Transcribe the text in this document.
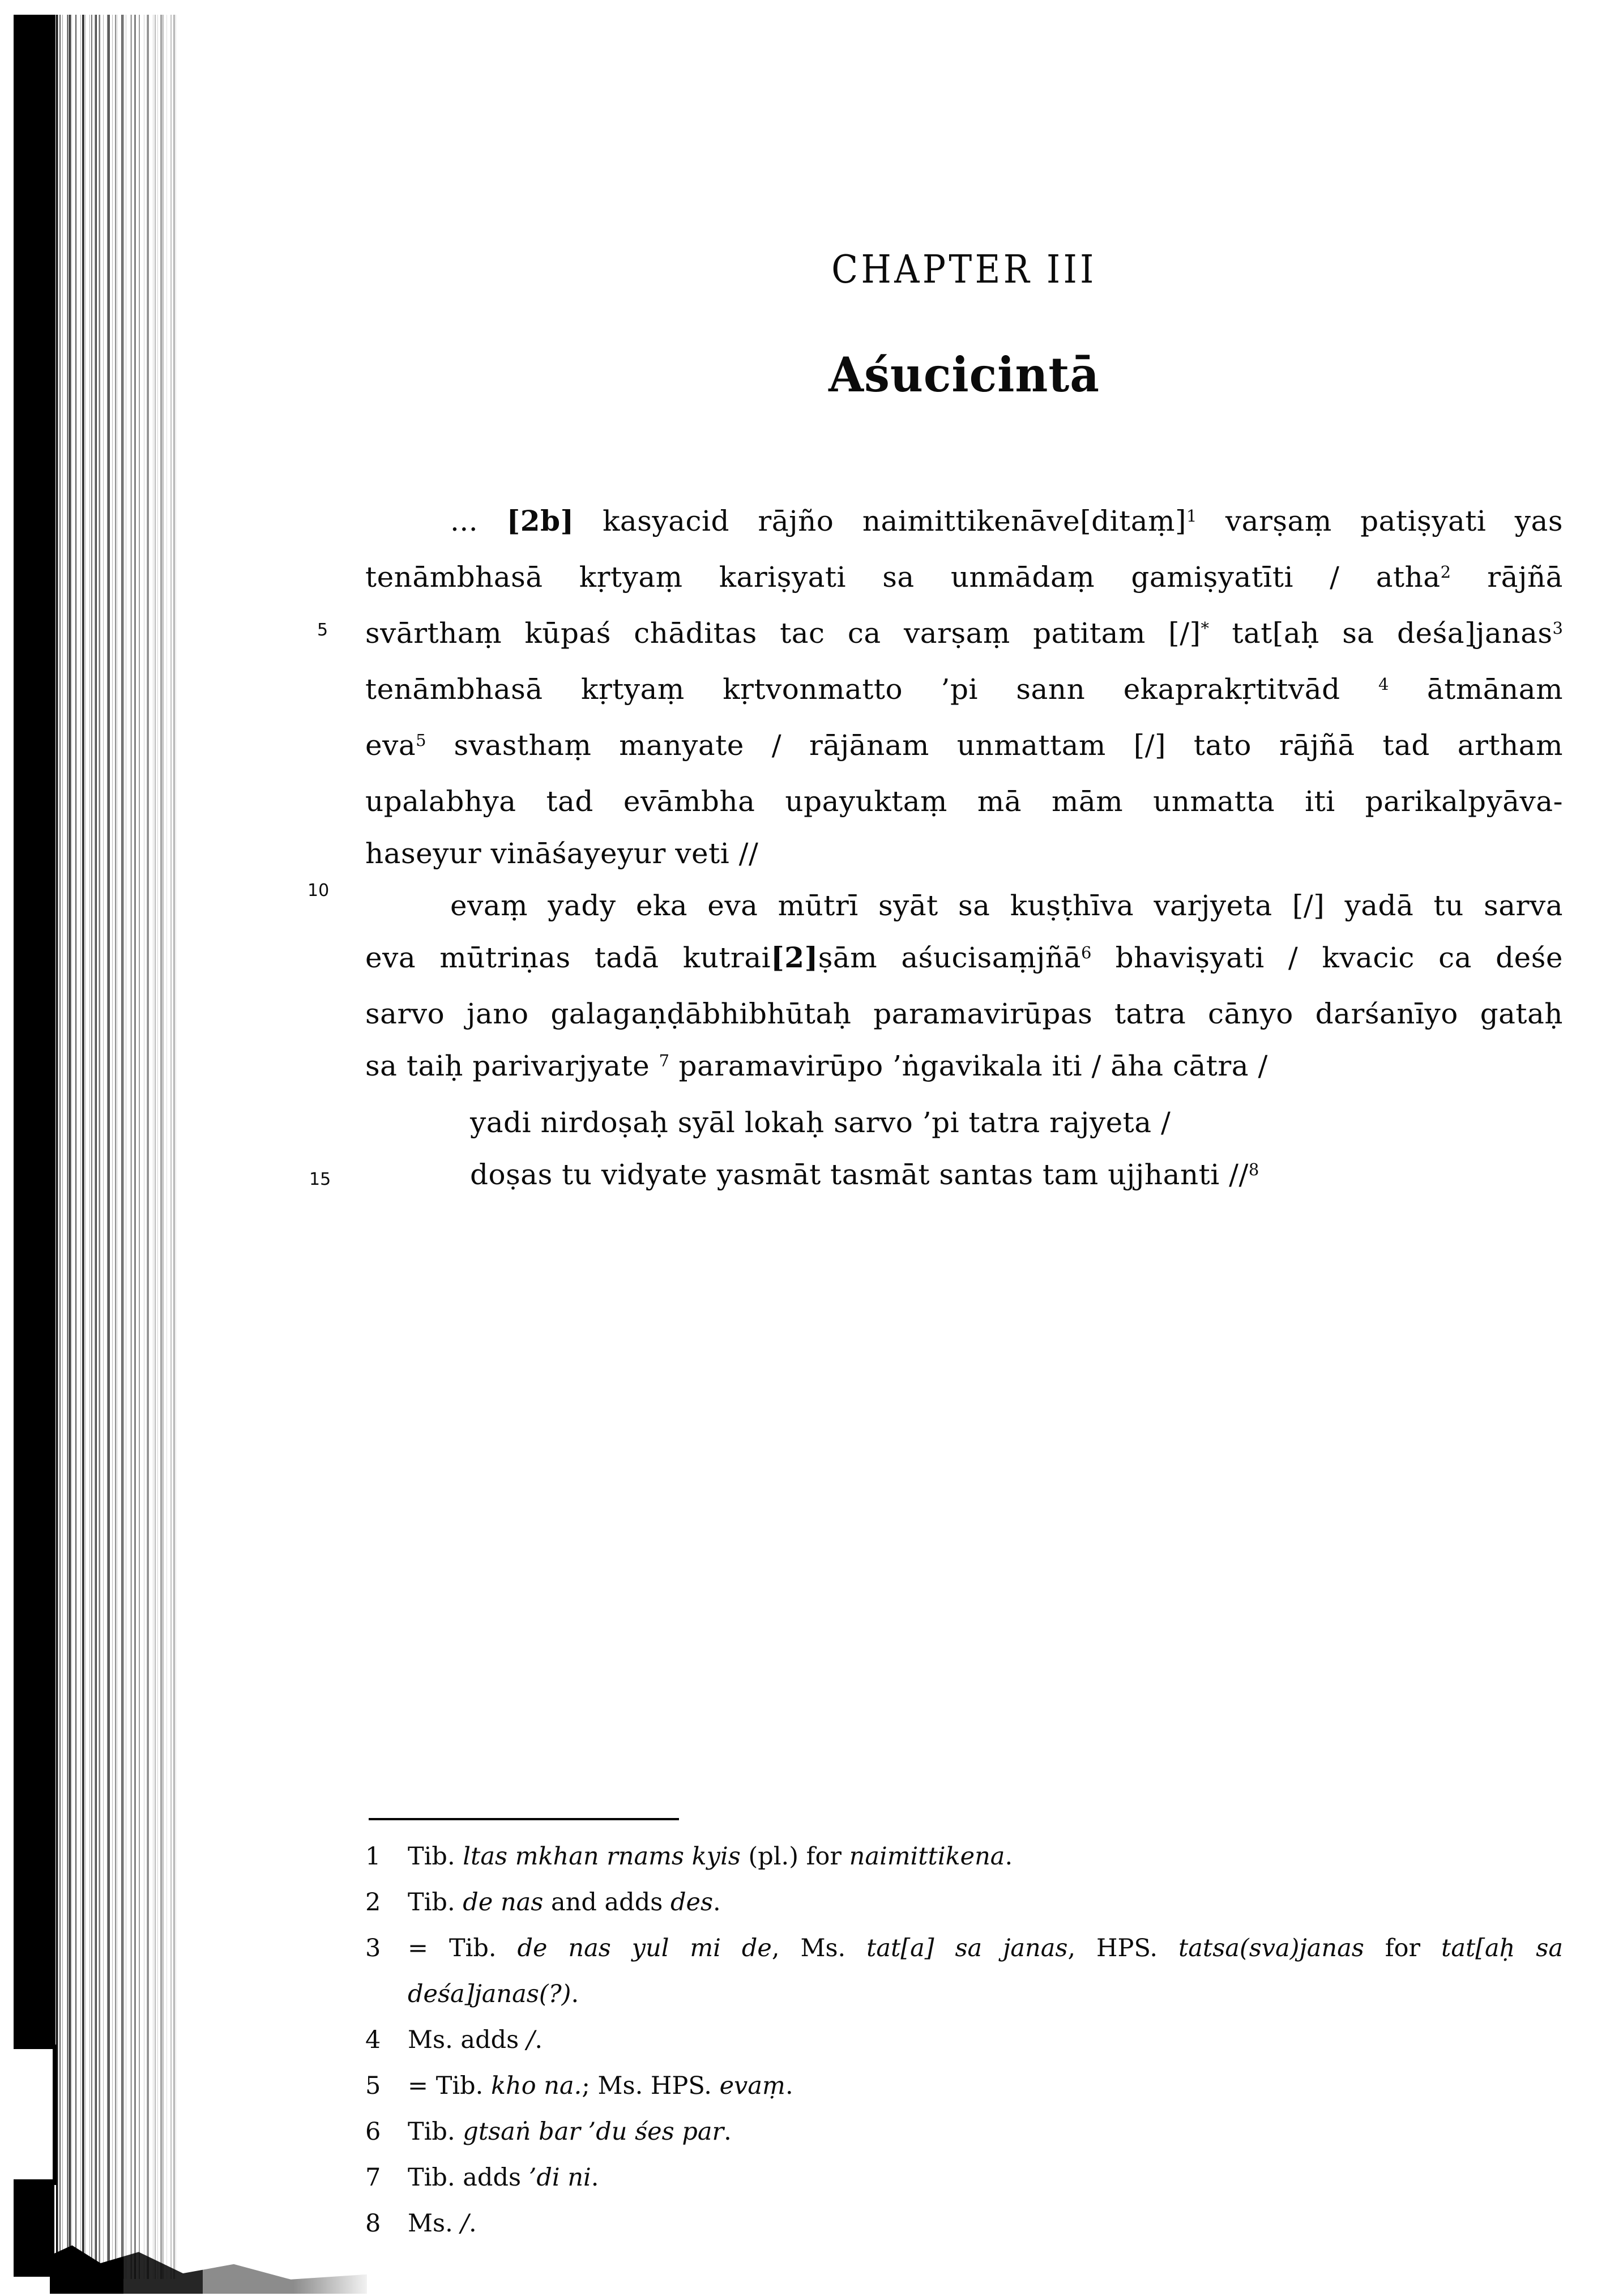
CHAPTER III
Aśucicintā
5
10
15
... [2b] kasyacid rājño naimittikenāve[ditaṃ]$^1$ varṣaṃ patiṣyati yas
tenāmbhasā kṛtyaṃ kariṣyati sa unmādaṃ gamiṣyatīti / atha$^2$ rājñā
svārthaṃ kūpaś chāditas tac ca varṣaṃ patitam [/]* tat[aḥ sa deśa]janas$^3$
tenāmbhasā kṛtyaṃ kṛtvonmatto ’pi sann ekaprakṛtitvād $^4$ ātmānam
eva$^5$ svasthaṃ manyate / rājānam unmattam [/] tato rājñā tad artham
upalabhya tad evāmbha upayuktaṃ mā mām unmatta iti parikalpyāva-
haseyur vināśayeyur veti //
evaṃ yady eka eva mūtrī syāt sa kuṣṭhīva varjyeta [/] yadā tu sarva
eva mūtriṇas tadā kutrai[2]ṣām aśucisaṃjñā$^6$ bhaviṣyati / kvacic ca deśe
sarvo jano galagaṇḍābhibhūtaḥ paramavirūpas tatra cānyo darśanīyo gataḥ
sa taiḥ parivarjyate $^7$ paramavirūpo ’ṅgavikala iti / āha cātra /
yadi nirdoṣaḥ syāl lokaḥ sarvo ’pi tatra rajyeta /
doṣas tu vidyate yasmāt tasmāt santas tam ujjhanti //$^8$
1 Tib. ltas mkhan rnams kyis (pl.) for naimittikena.
2 Tib. de nas and adds des.
3 = Tib. de nas yul mi de, Ms. tat[a] sa janas, HPS. tatsa(sva)janas for tat[aḥ sa
deśa]janas(?).
4 Ms. adds /.
5 = Tib. kho na.; Ms. HPS. evaṃ.
6 Tib. gtsaṅ bar ’du śes par.
7 Tib. adds ’di ni.
8 Ms. /.
